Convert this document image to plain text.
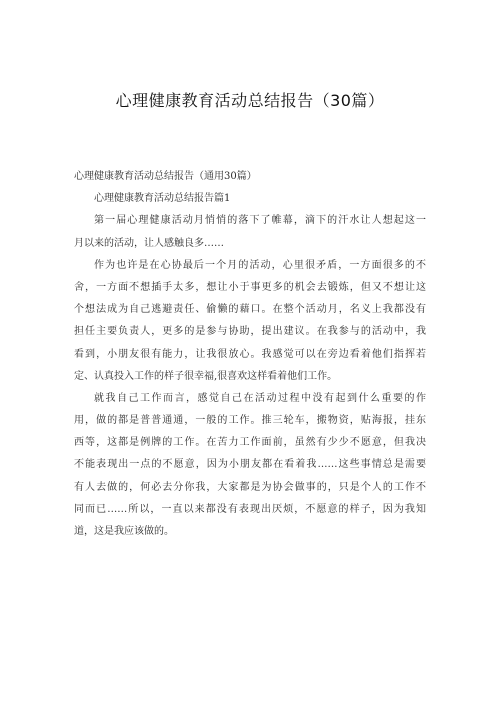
心理健康教育活动总结报告（30篇）
心理健康教育活动总结报告（通用30篇）
心理健康教育活动总结报告篇1
第一届心理健康活动月悄悄的落下了帷幕，滴下的汗水让人想起这一
月以来的活动，让人感触良多……
作为也许是在心协最后一个月的活动，心里很矛盾，一方面很多的不
舍，一方面不想插手太多，想让小于事更多的机会去锻炼，但又不想让这
个想法成为自己逃避责任、偷懒的藉口。在整个活动月，名义上我都没有
担任主要负责人，更多的是参与协助，提出建议。在我参与的活动中，我
看到，小朋友很有能力，让我很放心。我感觉可以在旁边看着他们指挥若
定、认真投入工作的样子很幸福,很喜欢这样看着他们工作。
就我自己工作而言，感觉自己在活动过程中没有起到什么重要的作
用，做的都是普普通通，一般的工作。推三轮车，搬物资，贴海报，挂东
西等，这都是例牌的工作。在苦力工作面前，虽然有少少不愿意，但我决
不能表现出一点的不愿意，因为小朋友都在看着我……这些事情总是需要
有人去做的，何必去分你我，大家都是为协会做事的，只是个人的工作不
同而已……所以，一直以来都没有表现出厌烦，不愿意的样子，因为我知
道，这是我应该做的。
